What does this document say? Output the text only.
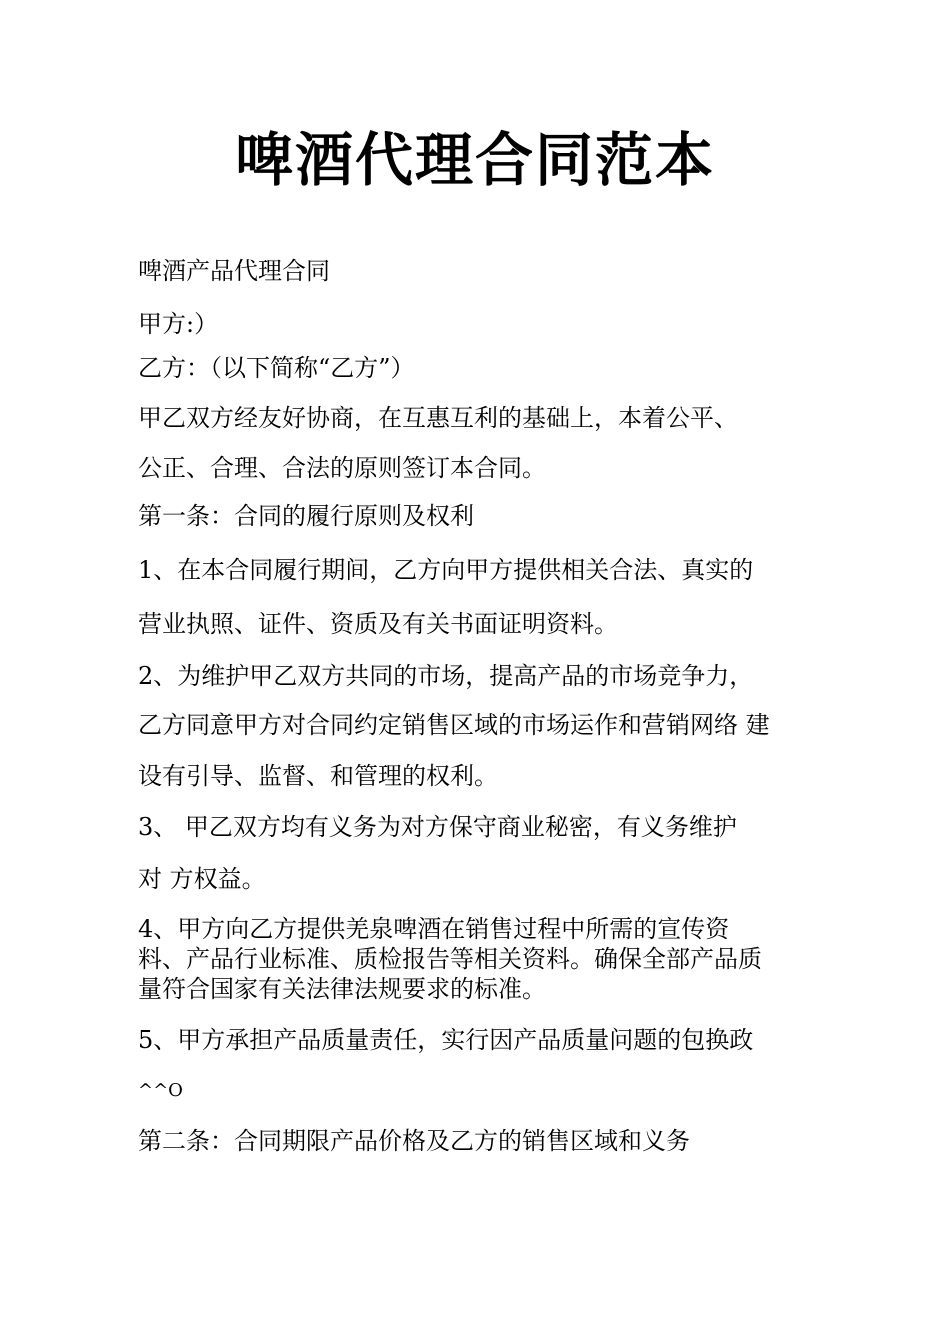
啤酒代理合同范本

啤酒产品代理合同

甲方:）

乙方：（以下简称“乙方”）

甲乙双方经友好协商，在互惠互利的基础上，本着公平、

公正、合理、合法的原则签订本合同。

第一条：合同的履行原则及权利

1、在本合同履行期间，乙方向甲方提供相关合法、真实的

营业执照、证件、资质及有关书面证明资料。

2、为维护甲乙双方共同的市场，提高产品的市场竞争力，

乙方同意甲方对合同约定销售区域的市场运作和营销网络 建

设有引导、监督、和管理的权利。

3、 甲乙双方均有义务为对方保守商业秘密，有义务维护

对 方权益。

4、甲方向乙方提供羌泉啤酒在销售过程中所需的宣传资

料、产品行业标准、质检报告等相关资料。确保全部产品质

量符合国家有关法律法规要求的标准。

5、甲方承担产品质量责任，实行因产品质量问题的包换政

^^O

第二条：合同期限产品价格及乙方的销售区域和义务
